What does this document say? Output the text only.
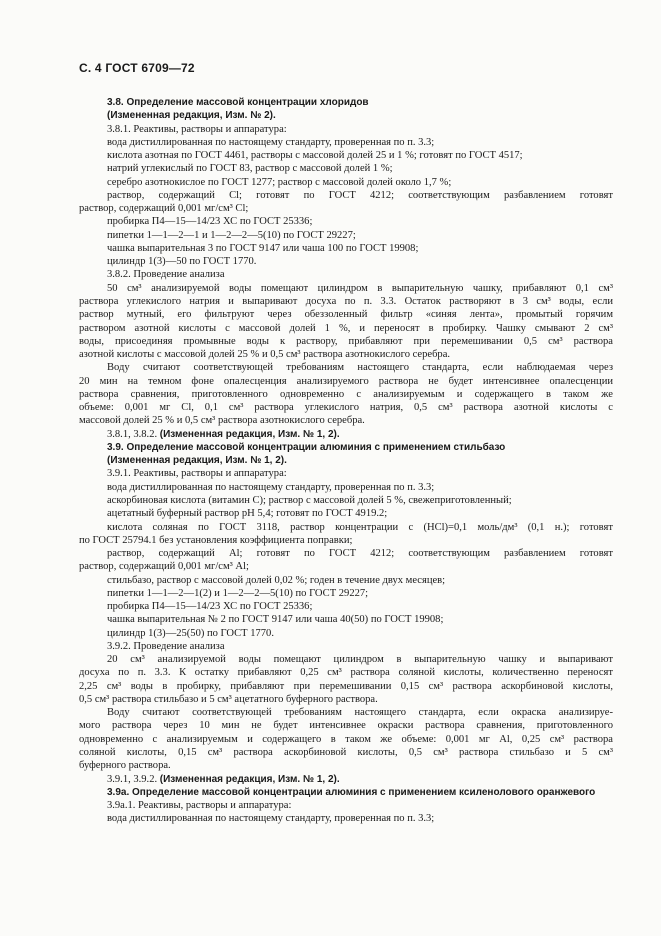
С. 4 ГОСТ 6709—72
3.8. Определение массовой концентрации хлоридов
(Измененная редакция, Изм. № 2).
3.8.1. Реактивы, растворы и аппаратура:
вода дистиллированная по настоящему стандарту, проверенная по п. 3.3;
кислота азотная по ГОСТ 4461, растворы с массовой долей 25 и 1 %; готовят по ГОСТ 4517;
натрий углекислый по ГОСТ 83, раствор с массовой долей 1 %;
серебро азотнокислое по ГОСТ 1277; раствор с массовой долей около 1,7 %;
раствор, содержащий Cl; готовят по ГОСТ 4212; соответствующим разбавлением готовят
раствор, содержащий 0,001 мг/см³ Cl;
пробирка П4—15—14/23 ХС по ГОСТ 25336;
пипетки 1—1—2—1 и 1—2—2—5(10) по ГОСТ 29227;
чашка выпарительная 3 по ГОСТ 9147 или чаша 100 по ГОСТ 19908;
цилиндр 1(3)—50 по ГОСТ 1770.
3.8.2. Проведение анализа
50 см³ анализируемой воды помещают цилиндром в выпарительную чашку, прибавляют 0,1 см³
раствора углекислого натрия и выпаривают досуха по п. 3.3. Остаток растворяют в 3 см³ воды, если
раствор мутный, его фильтруют через обеззоленный фильтр «синяя лента», промытый горячим
раствором азотной кислоты с массовой долей 1 %, и переносят в пробирку. Чашку смывают 2 см³
воды, присоединяя промывные воды к раствору, прибавляют при перемешивании 0,5 см³ раствора
азотной кислоты с массовой долей 25 % и 0,5 см³ раствора азотнокислого серебра.
Воду считают соответствующей требованиям настоящего стандарта, если наблюдаемая через
20 мин на темном фоне опалесценция анализируемого раствора не будет интенсивнее опалесценции
раствора сравнения, приготовленного одновременно с анализируемым и содержащего в таком же
объеме: 0,001 мг Cl, 0,1 см³ раствора углекислого натрия, 0,5 см³ раствора азотной кислоты с
массовой долей 25 % и 0,5 см³ раствора азотнокислого серебра.
3.8.1, 3.8.2. (Измененная редакция, Изм. № 1, 2).
3.9. Определение массовой концентрации алюминия с применением стильбазо
(Измененная редакция, Изм. № 1, 2).
3.9.1. Реактивы, растворы и аппаратура:
вода дистиллированная по настоящему стандарту, проверенная по п. 3.3;
аскорбиновая кислота (витамин С); раствор с массовой долей 5 %, свежеприготовленный;
ацетатный буферный раствор pH 5,4; готовят по ГОСТ 4919.2;
кислота соляная по ГОСТ 3118, раствор концентрации c (HCl)=0,1 моль/дм³ (0,1 н.); готовят
по ГОСТ 25794.1 без установления коэффициента поправки;
раствор, содержащий Al; готовят по ГОСТ 4212; соответствующим разбавлением готовят
раствор, содержащий 0,001 мг/см³ Al;
стильбазо, раствор с массовой долей 0,02 %; годен в течение двух месяцев;
пипетки 1—1—2—1(2) и 1—2—2—5(10) по ГОСТ 29227;
пробирка П4—15—14/23 ХС по ГОСТ 25336;
чашка выпарительная № 2 по ГОСТ 9147 или чаша 40(50) по ГОСТ 19908;
цилиндр 1(3)—25(50) по ГОСТ 1770.
3.9.2. Проведение анализа
20 см³ анализируемой воды помещают цилиндром в выпарительную чашку и выпаривают
досуха по п. 3.3. К остатку прибавляют 0,25 см³ раствора соляной кислоты, количественно переносят
2,25 см³ воды в пробирку, прибавляют при перемешивании 0,15 см³ раствора аскорбиновой кислоты,
0,5 см³ раствора стильбазо и 5 см³ ацетатного буферного раствора.
Воду считают соответствующей требованиям настоящего стандарта, если окраска анализируе-
мого раствора через 10 мин не будет интенсивнее окраски раствора сравнения, приготовленного
одновременно с анализируемым и содержащего в таком же объеме: 0,001 мг Al, 0,25 см³ раствора
соляной кислоты, 0,15 см³ раствора аскорбиновой кислоты, 0,5 см³ раствора стильбазо и 5 см³
буферного раствора.
3.9.1, 3.9.2. (Измененная редакция, Изм. № 1, 2).
3.9а. Определение массовой концентрации алюминия с применением ксиленолового оранжевого
3.9а.1. Реактивы, растворы и аппаратура:
вода дистиллированная по настоящему стандарту, проверенная по п. 3.3;
